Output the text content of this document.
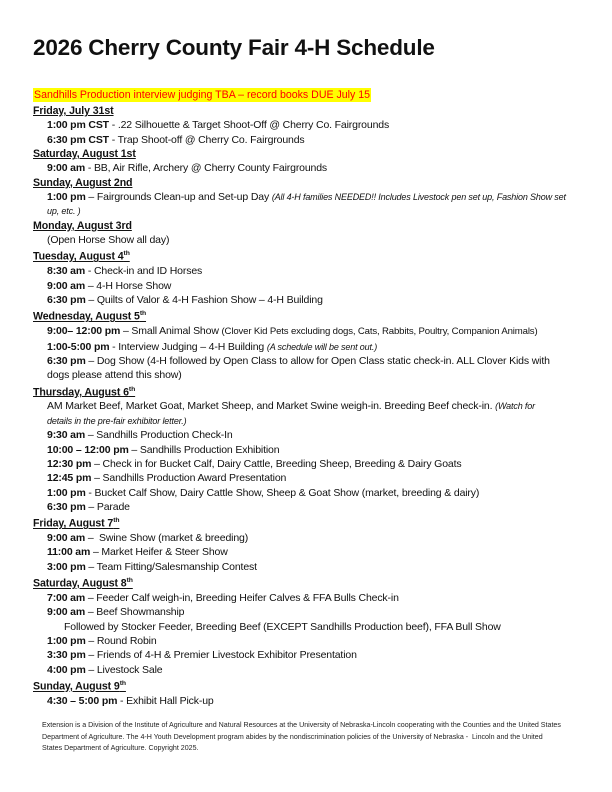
2026 Cherry County Fair 4-H Schedule
Sandhills Production interview judging TBA – record books DUE July 15
Friday, July 31st
1:00 pm CST - .22 Silhouette & Target Shoot-Off @ Cherry Co. Fairgrounds
6:30 pm CST - Trap Shoot-off @ Cherry Co. Fairgrounds
Saturday, August 1st
9:00 am - BB, Air Rifle, Archery @ Cherry County Fairgrounds
Sunday, August 2nd
1:00 pm – Fairgrounds Clean-up and Set-up Day (All 4-H families NEEDED!! Includes Livestock pen set up, Fashion Show set
up, etc. )
Monday, August 3rd
(Open Horse Show all day)
Tuesday, August 4th
8:30 am - Check-in and ID Horses
9:00 am – 4-H Horse Show
6:30 pm – Quilts of Valor & 4-H Fashion Show – 4-H Building
Wednesday, August 5th
9:00– 12:00 pm – Small Animal Show (Clover Kid Pets excluding dogs, Cats, Rabbits, Poultry, Companion Animals)
1:00-5:00 pm - Interview Judging – 4-H Building (A schedule will be sent out.)
6:30 pm – Dog Show (4-H followed by Open Class to allow for Open Class static check-in. ALL Clover Kids with
dogs please attend this show)
Thursday, August 6th
AM Market Beef, Market Goat, Market Sheep, and Market Swine weigh-in. Breeding Beef check-in. (Watch for
details in the pre-fair exhibitor letter.)
9:30 am – Sandhills Production Check-In
10:00 – 12:00 pm – Sandhills Production Exhibition
12:30 pm – Check in for Bucket Calf, Dairy Cattle, Breeding Sheep, Breeding & Dairy Goats
12:45 pm – Sandhills Production Award Presentation
1:00 pm - Bucket Calf Show, Dairy Cattle Show, Sheep & Goat Show (market, breeding & dairy)
6:30 pm – Parade
Friday, August 7th
9:00 am –  Swine Show (market & breeding)
11:00 am – Market Heifer & Steer Show
3:00 pm – Team Fitting/Salesmanship Contest
Saturday, August 8th
7:00 am – Feeder Calf weigh-in, Breeding Heifer Calves & FFA Bulls Check-in
9:00 am – Beef Showmanship
Followed by Stocker Feeder, Breeding Beef (EXCEPT Sandhills Production beef), FFA Bull Show
1:00 pm – Round Robin
3:30 pm – Friends of 4-H & Premier Livestock Exhibitor Presentation
4:00 pm – Livestock Sale
Sunday, August 9th
4:30 – 5:00 pm - Exhibit Hall Pick-up
Extension is a Division of the Institute of Agriculture and Natural Resources at the University of Nebraska-Lincoln cooperating with the Counties and the United States
Department of Agriculture. The 4-H Youth Development program abides by the nondiscrimination policies of the University of Nebraska -  Lincoln and the United
States Department of Agriculture. Copyright 2025.
